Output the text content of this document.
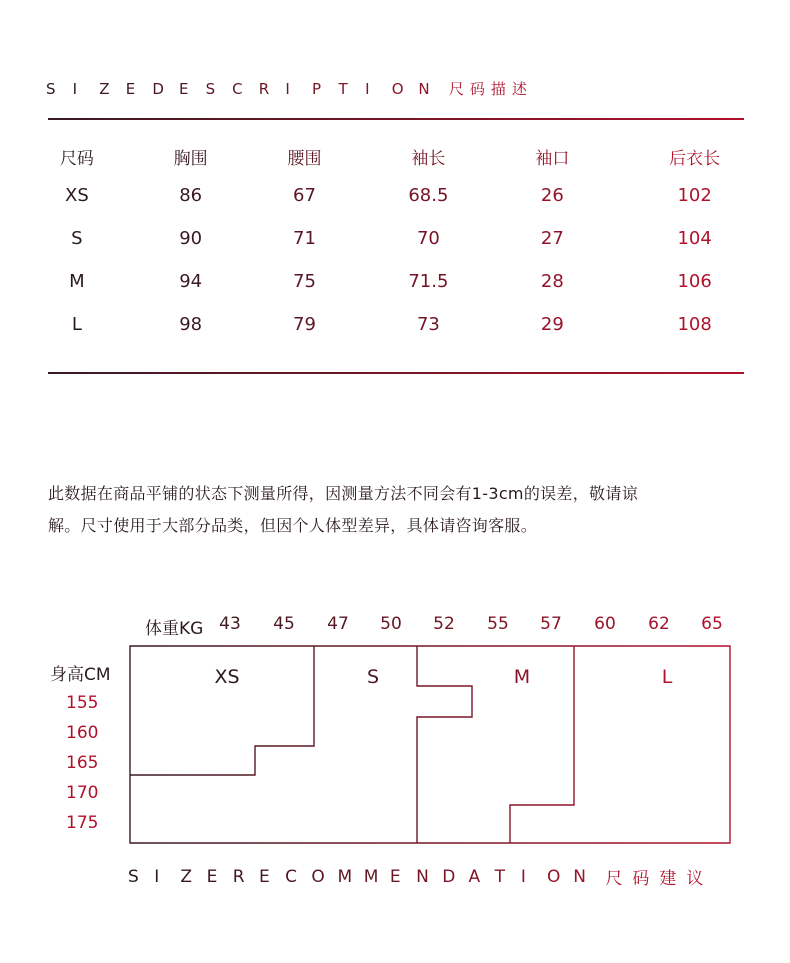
S	I	Z	E	D	E	S	C	R	I	P	T	I	O N	尺码描述
尺码	胸围	腰围	袖长	袖口	后衣长
XS	86	67	68.5	26	102
S	90	71	70	27	104
M	94	75	71.5	28	106
L	98	79	73	29	108
此数据在商品平铺的状态下测量所得，因测量方法不同会有1-3cm的误差，敬请谅
解。尺寸使用于大部分品类，但因个人体型差异，具体请咨询客服。
体重KG 43	45	47	50	52	55	57	60	62	65
身高CM
155
160
165
170
175
XS	S	M	L
S I	Z E R E C O M M E N D A T I	O N	尺码建议
